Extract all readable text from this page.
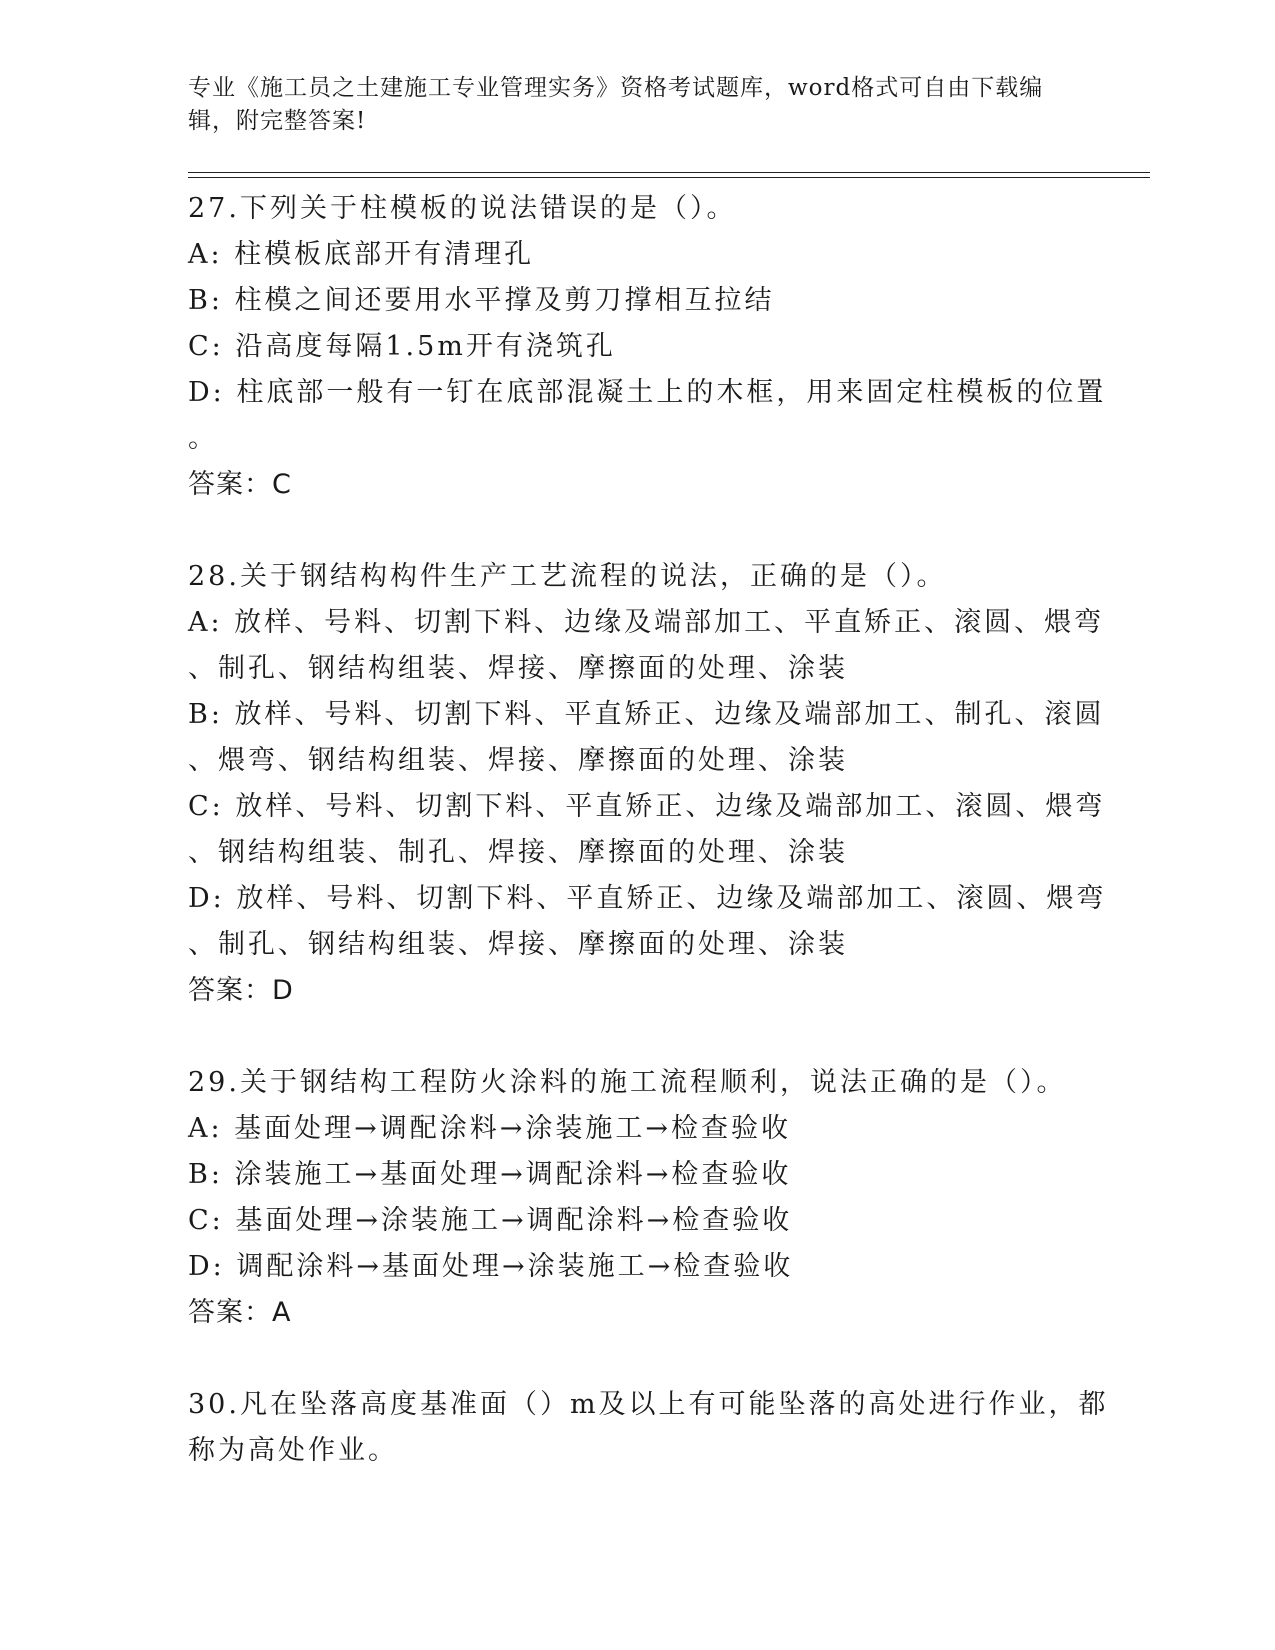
专业《施工员之土建施工专业管理实务》资格考试题库，word格式可自由下载编
辑，附完整答案!
27.下列关于柱模板的说法错误的是（）。
A: 柱模板底部开有清理孔
B: 柱模之间还要用水平撑及剪刀撑相互拉结
C: 沿高度每隔1.5m开有浇筑孔
D: 柱底部一般有一钉在底部混凝土上的木框，用来固定柱模板的位置
。
答案：C
28.关于钢结构构件生产工艺流程的说法，正确的是（）。
A: 放样、号料、切割下料、边缘及端部加工、平直矫正、滚圆、煨弯
、制孔、钢结构组装、焊接、摩擦面的处理、涂装
B: 放样、号料、切割下料、平直矫正、边缘及端部加工、制孔、滚圆
、煨弯、钢结构组装、焊接、摩擦面的处理、涂装
C: 放样、号料、切割下料、平直矫正、边缘及端部加工、滚圆、煨弯
、钢结构组装、制孔、焊接、摩擦面的处理、涂装
D: 放样、号料、切割下料、平直矫正、边缘及端部加工、滚圆、煨弯
、制孔、钢结构组装、焊接、摩擦面的处理、涂装
答案：D
29.关于钢结构工程防火涂料的施工流程顺利，说法正确的是（）。
A: 基面处理→调配涂料→涂装施工→检查验收
B: 涂装施工→基面处理→调配涂料→检查验收
C: 基面处理→涂装施工→调配涂料→检查验收
D: 调配涂料→基面处理→涂装施工→检查验收
答案：A
30.凡在坠落高度基准面（）m及以上有可能坠落的高处进行作业，都
称为高处作业。
